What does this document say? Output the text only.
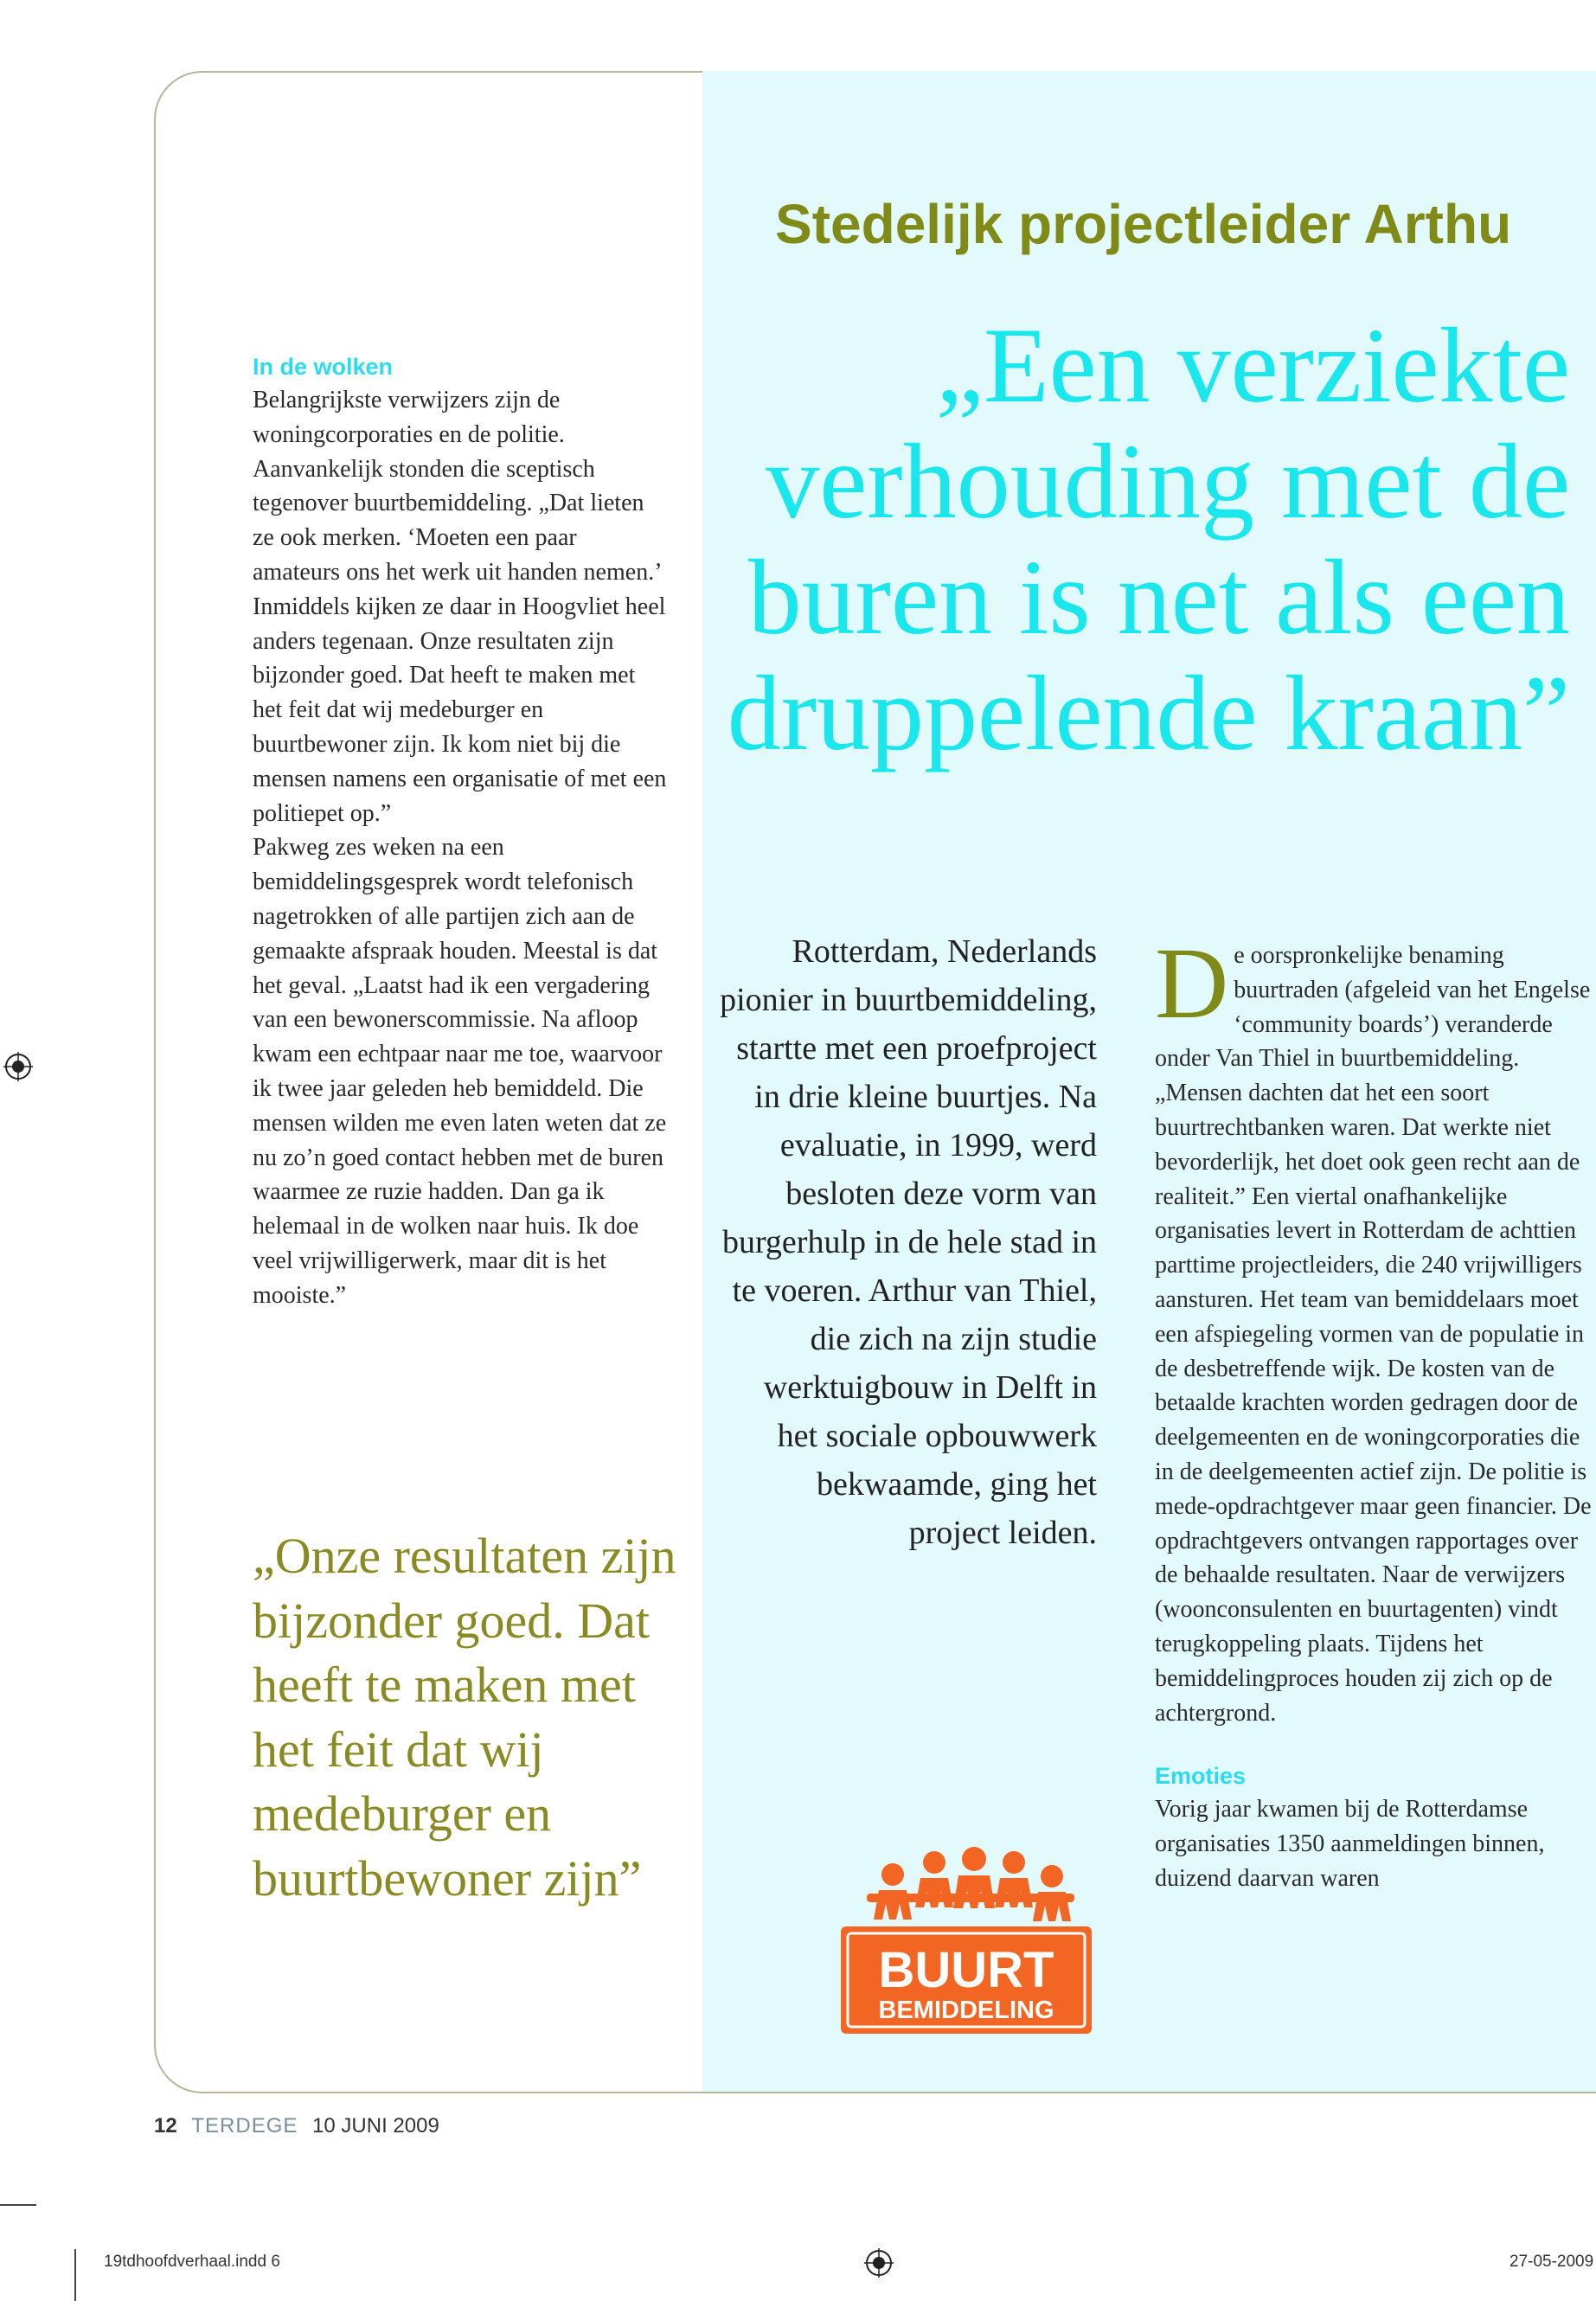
Stedelijk projectleider Arthu

„Een verziekte verhouding met de buren is net als een druppelende kraan”

In de wolken

Belangrijkste verwijzers zijn de woningcorporaties en de politie. Aanvankelijk stonden die sceptisch tegenover buurtbemiddeling. „Dat lieten ze ook merken. ‘Moeten een paar amateurs ons het werk uit handen nemen.’ Inmiddels kijken ze daar in Hoogvliet heel anders tegenaan. Onze resultaten zijn bijzonder goed. Dat heeft te maken met het feit dat wij medeburger en buurtbewoner zijn. Ik kom niet bij die mensen namens een organisatie of met een politiepet op.”

Pakweg zes weken na een bemiddelingsgesprek wordt telefonisch nagetrokken of alle partijen zich aan de gemaakte afspraak houden. Meestal is dat het geval. „Laatst had ik een vergadering van een bewonerscommissie. Na afloop kwam een echtpaar naar me toe, waarvoor ik twee jaar geleden heb bemiddeld. Die mensen wilden me even laten weten dat ze nu zo’n goed contact hebben met de buren waarmee ze ruzie hadden. Dan ga ik helemaal in de wolken naar huis. Ik doe veel vrijwilligerwerk, maar dit is het mooiste.”

„Onze resultaten zijn bijzonder goed. Dat heeft te maken met het feit dat wij medeburger en buurtbewoner zijn”

Rotterdam, Nederlands pionier in buurtbemiddeling, startte met een proefproject in drie kleine buurtjes. Na evaluatie, in 1999, werd besloten deze vorm van burgerhulp in de hele stad in te voeren. Arthur van Thiel, die zich na zijn studie werktuigbouw in Delft in het sociale opbouwwerk bekwaamde, ging het project leiden.

De oorspronkelijke benaming buurtraden (afgeleid van het Engelse ‘community boards’) veranderde onder Van Thiel in buurtbemiddeling. „Mensen dachten dat het een soort buurtrechtbanken waren. Dat werkte niet bevorderlijk, het doet ook geen recht aan de realiteit.” Een viertal onafhankelijke organisaties levert in Rotterdam de achttien parttime projectleiders, die 240 vrijwilligers aansturen. Het team van bemiddelaars moet een afspiegeling vormen van de populatie in de desbetreffende wijk. De kosten van de betaalde krachten worden gedragen door de deelgemeenten en de woningcorporaties die in de deelgemeenten actief zijn. De politie is mede-opdrachtgever maar geen financier. De opdrachtgevers ontvangen rapportages over de behaalde resultaten. Naar de verwijzers (woonconsulenten en buurtagenten) vindt terugkoppeling plaats. Tijdens het bemiddelingproces houden zij zich op de achtergrond.

Emoties

Vorig jaar kwamen bij de Rotterdamse organisaties 1350 aanmeldingen binnen, duizend daarvan waren

BUURT
BEMIDDELING
12 TERDEGE 10 JUNI 2009
19tdhoofdverhaal.indd 6	27-05-2009
